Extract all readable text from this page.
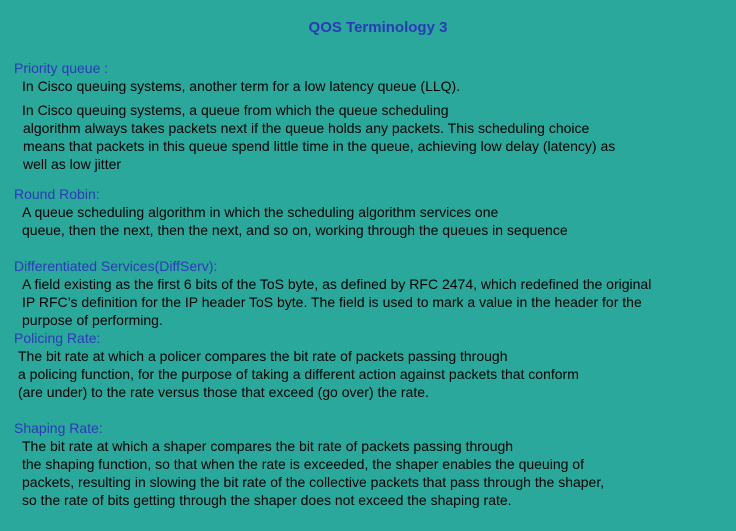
QOS Terminology 3
Priority queue :
In Cisco queuing systems, another term for a low latency queue (LLQ).
In Cisco queuing systems, a queue from which the queue scheduling
algorithm always takes packets next if the queue holds any packets. This scheduling choice
means that packets in this queue spend little time in the queue, achieving low delay (latency) as
well as low jitter
Round Robin:
A queue scheduling algorithm in which the scheduling algorithm services one
queue, then the next, then the next, and so on, working through the queues in sequence
Differentiated Services(DiffServ):
A field existing as the first 6 bits of the ToS byte, as defined by RFC 2474, which redefined the original
IP RFC’s definition for the IP header ToS byte. The field is used to mark a value in the header for the
purpose of performing.
Policing Rate:
The bit rate at which a policer compares the bit rate of packets passing through
a policing function, for the purpose of taking a different action against packets that conform
(are under) to the rate versus those that exceed (go over) the rate.
Shaping Rate:
The bit rate at which a shaper compares the bit rate of packets passing through
the shaping function, so that when the rate is exceeded, the shaper enables the queuing of
packets, resulting in slowing the bit rate of the collective packets that pass through the shaper,
so the rate of bits getting through the shaper does not exceed the shaping rate.
